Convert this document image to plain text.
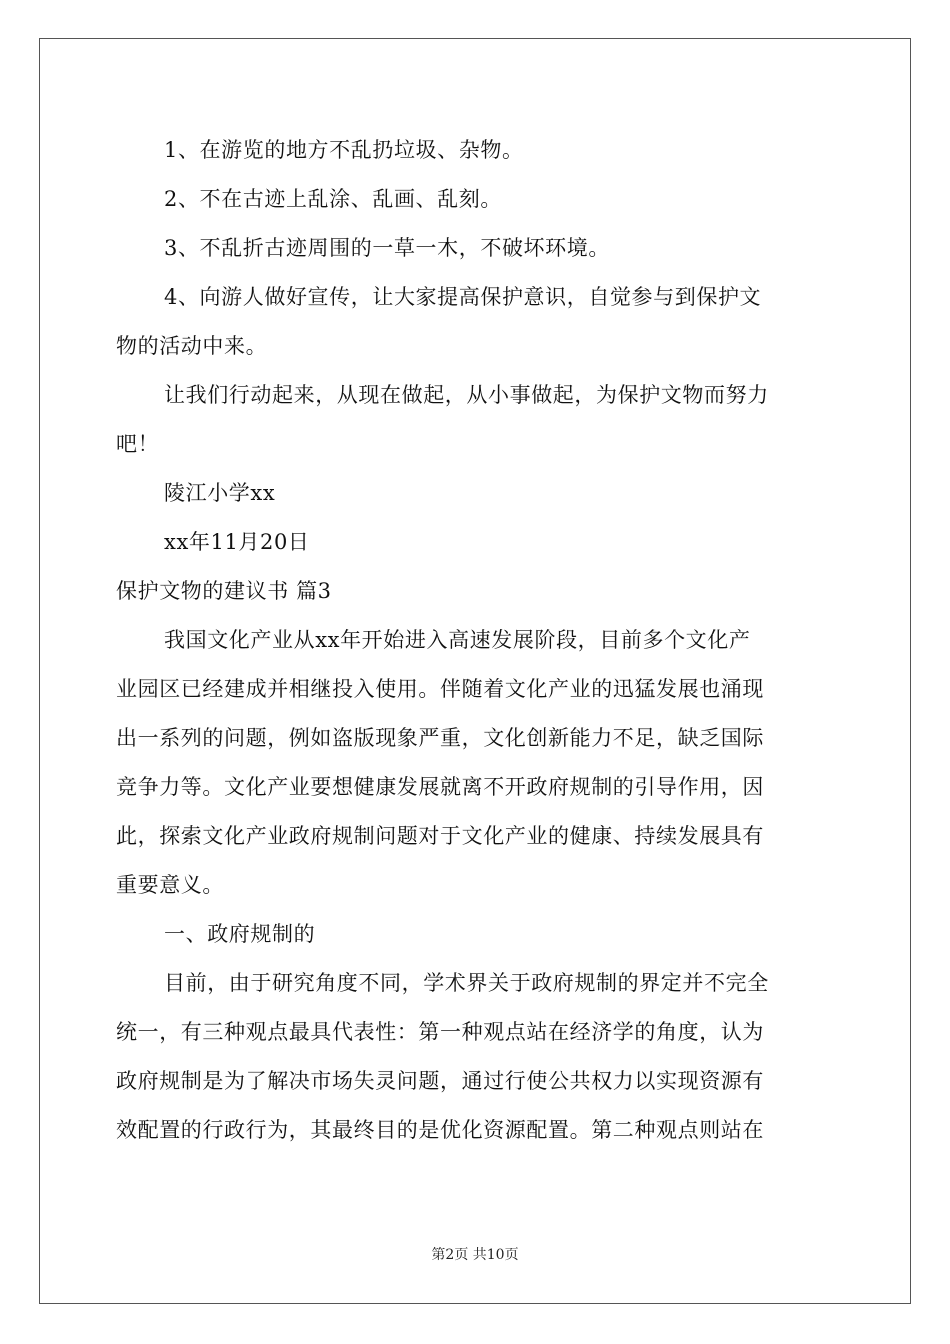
1、在游览的地方不乱扔垃圾、杂物。
2、不在古迹上乱涂、乱画、乱刻。
3、不乱折古迹周围的一草一木，不破坏环境。
4、向游人做好宣传，让大家提高保护意识，自觉参与到保护文
物的活动中来。
让我们行动起来，从现在做起，从小事做起，为保护文物而努力
吧！
陵江小学xx
xx年11月20日
保护文物的建议书 篇3
我国文化产业从xx年开始进入高速发展阶段，目前多个文化产
业园区已经建成并相继投入使用。伴随着文化产业的迅猛发展也涌现
出一系列的问题，例如盗版现象严重，文化创新能力不足，缺乏国际
竞争力等。文化产业要想健康发展就离不开政府规制的引导作用，因
此，探索文化产业政府规制问题对于文化产业的健康、持续发展具有
重要意义。
一、政府规制的
目前，由于研究角度不同，学术界关于政府规制的界定并不完全
统一，有三种观点最具代表性：第一种观点站在经济学的角度，认为
政府规制是为了解决市场失灵问题，通过行使公共权力以实现资源有
效配置的行政行为，其最终目的是优化资源配置。第二种观点则站在
第2页 共10页
